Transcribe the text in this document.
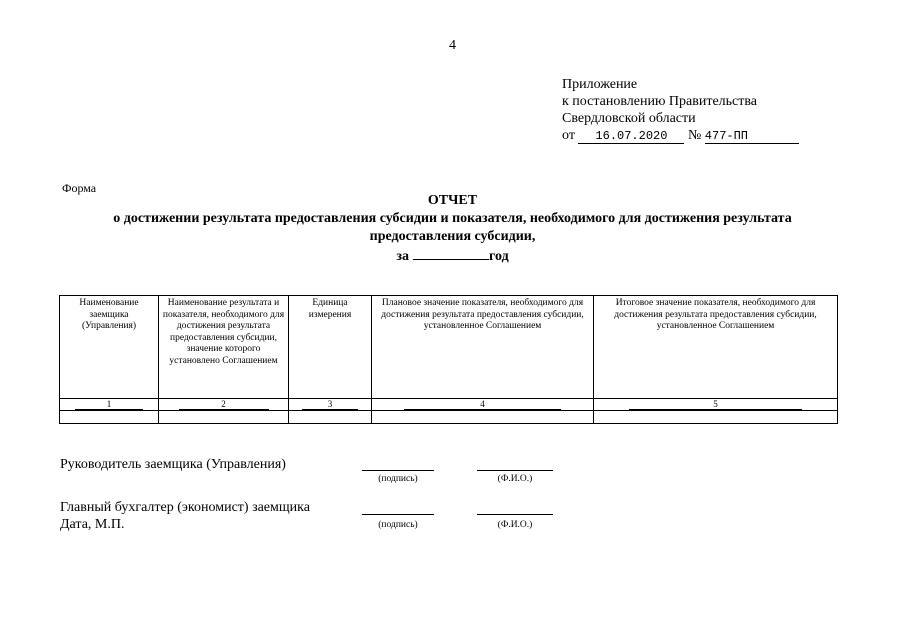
4
Приложение
к постановлению Правительства
Свердловской области
от 16.07.2020 № 477-ПП
Форма
ОТЧЕТ
о достижении результата предоставления субсидии и показателя, необходимого для достижения результата
предоставления субсидии,
за	год
Наименование заемщика (Управления)	Наименование результата и показателя, необходимого для достижения результата предоставления субсидии, значение которого установлено Соглашением	Единица измерения	Плановое значение показателя, необходимого для достижения результата предоставления субсидии, установленное Соглашением	Итоговое значение показателя, необходимого для достижения результата предоставления субсидии, установленное Соглашением
1	2	3	4	5

Руководитель заемщика (Управления)
(подпись)	(Ф.И.О.)
Главный бухгалтер (экономист) заемщика
Дата, М.П.	(подпись)	(Ф.И.О.)
